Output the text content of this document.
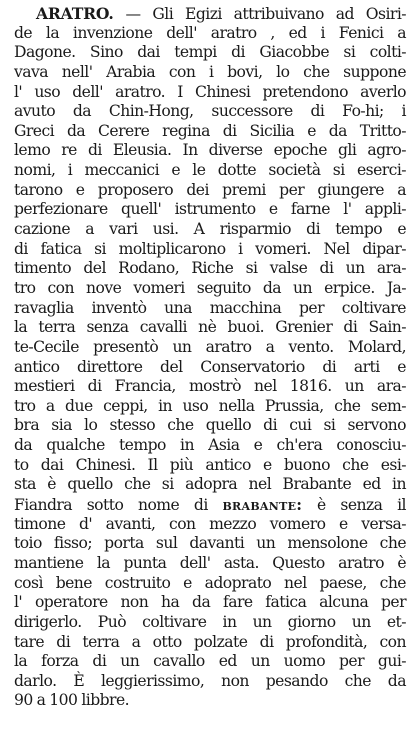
ARATRO. — Gli Egizi attribuivano ad Osiri-
de la invenzione dell' aratro , ed i Fenici a
Dagone. Sino dai tempi di Giacobbe si colti-
vava nell' Arabia con i bovi, lo che suppone
l' uso dell' aratro. I Chinesi pretendono averlo
avuto da Chin-Hong, successore di Fo-hi; i
Greci da Cerere regina di Sicilia e da Tritto-
lemo re di Eleusia. In diverse epoche gli agro-
nomi, i meccanici e le dotte società si eserci-
tarono e proposero dei premi per giungere a
perfezionare quell' istrumento e farne l' appli-
cazione a vari usi. A risparmio di tempo e
di fatica si moltiplicarono i vomeri. Nel dipar-
timento del Rodano, Riche si valse di un ara-
tro con nove vomeri seguito da un erpice. Ja-
ravaglia inventò una macchina per coltivare
la terra senza cavalli nè buoi. Grenier di Sain-
te-Cecile presentò un aratro a vento. Molard,
antico direttore del Conservatorio di arti e
mestieri di Francia, mostrò nel 1816. un ara-
tro a due ceppi, in uso nella Prussia, che sem-
bra sia lo stesso che quello di cui si servono
da qualche tempo in Asia e ch'era conosciu-
to dai Chinesi. Il più antico e buono che esi-
sta è quello che si adopra nel Brabante ed in
Fiandra sotto nome di brabante: è senza il
timone d' avanti, con mezzo vomero e versa-
toio fisso; porta sul davanti un mensolone che
mantiene la punta dell' asta. Questo aratro è
così bene costruito e adoprato nel paese, che
l' operatore non ha da fare fatica alcuna per
dirigerlo. Può coltivare in un giorno un et-
tare di terra a otto polzate di profondità, con
la forza di un cavallo ed un uomo per gui-
darlo. È leggierissimo, non pesando che da
90 a 100 libbre.
